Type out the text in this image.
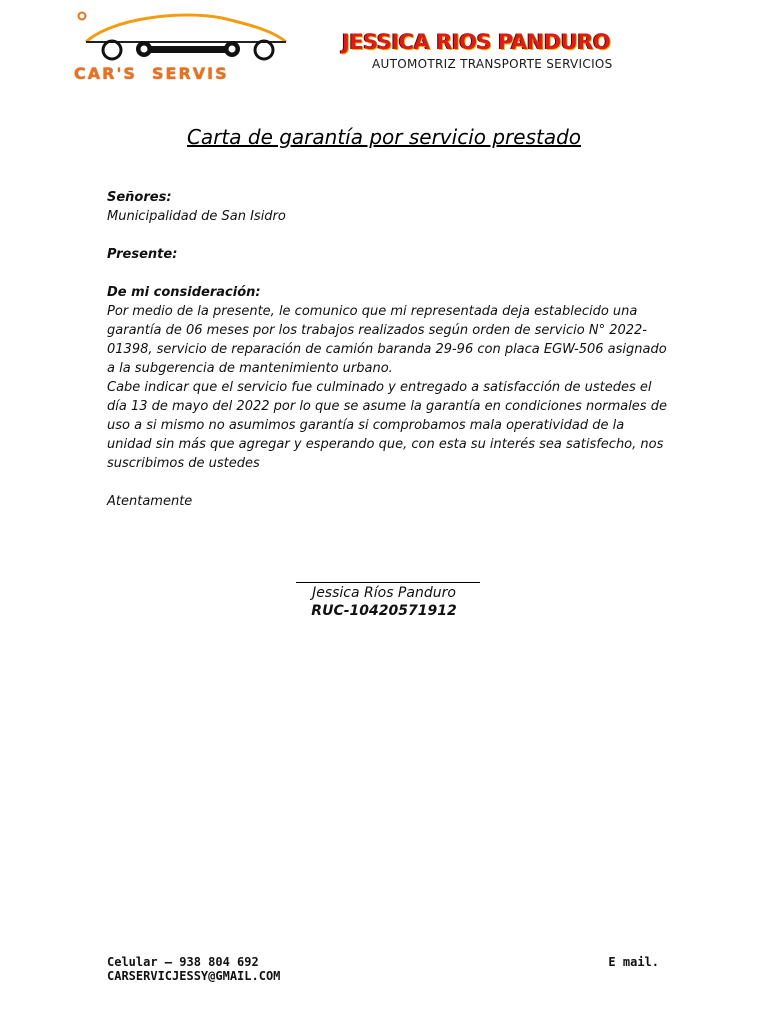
CAR'S  SERVIS
JESSICA RIOS PANDURO
AUTOMOTRIZ TRANSPORTE SERVICIOS
Carta de garantía por servicio prestado
Señores:
Municipalidad de San Isidro
Presente:
De mi consideración:
Por medio de la presente, le comunico que mi representada deja establecido una garantía de 06 meses por los trabajos realizados según orden de servicio N° 2022-01398, servicio de reparación de camión baranda 29-96 con placa EGW-506 asignado a la subgerencia de mantenimiento urbano.
Cabe indicar que el servicio fue culminado y entregado a satisfacción de ustedes el día 13 de mayo del 2022 por lo que se asume la garantía en condiciones normales de uso a si mismo no asumimos garantía si comprobamos mala operatividad de la unidad sin más que agregar y esperando que, con esta su interés sea satisfecho, nos suscribimos de ustedes
Atentamente
Jessica Ríos Panduro
RUC-10420571912
Celular – 938 804 692
CARSERVICJESSY@GMAIL.COM
E mail.
